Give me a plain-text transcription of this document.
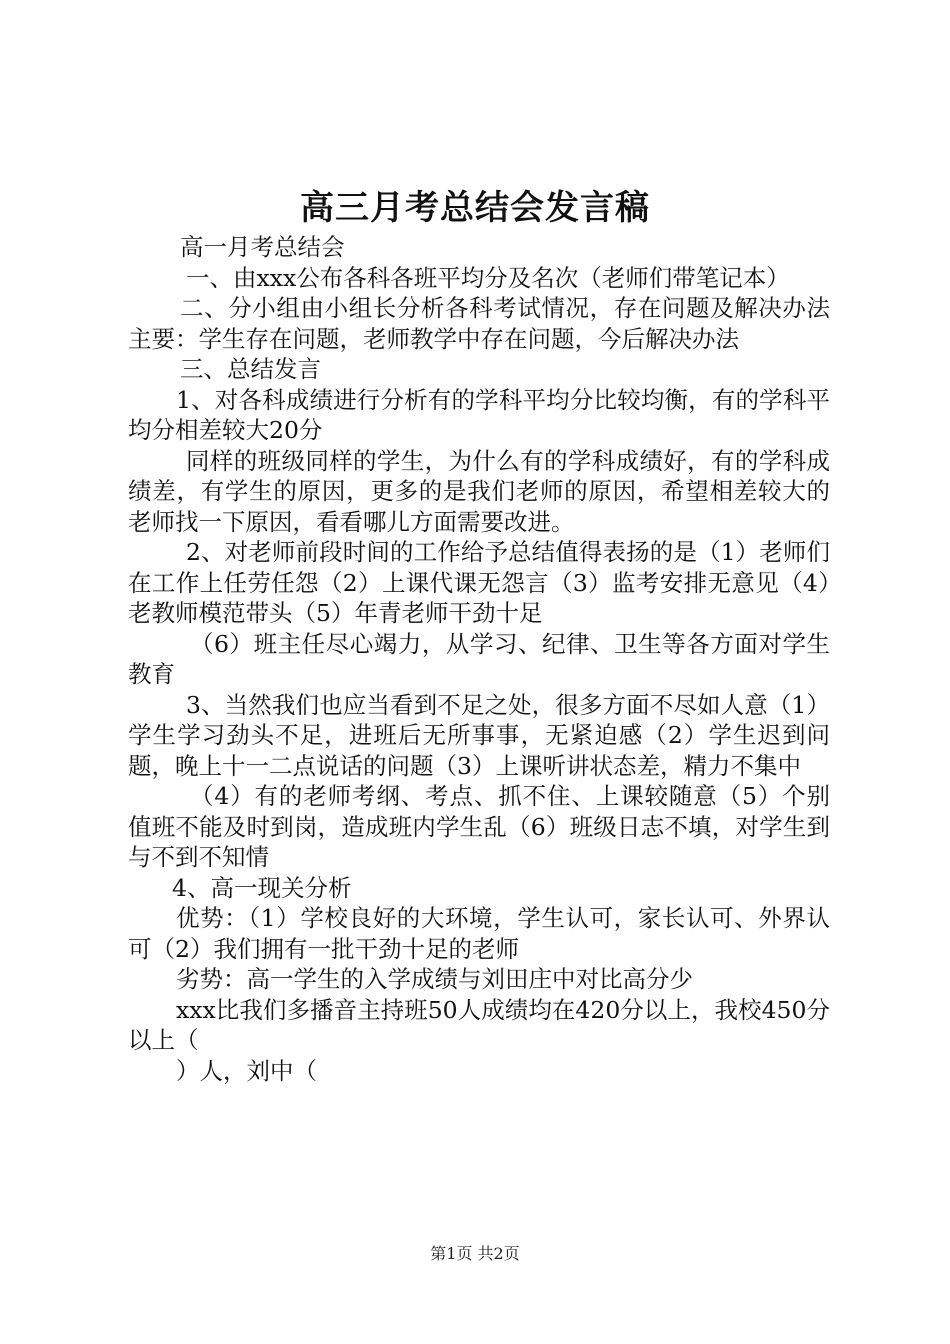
高三月考总结会发言稿

高一月考总结会

一、由xxx公布各科各班平均分及名次（老师们带笔记本）

二、分小组由小组长分析各科考试情况，存在问题及解决办法主要：学生存在问题，老师教学中存在问题，今后解决办法

三、总结发言

1、对各科成绩进行分析有的学科平均分比较均衡，有的学科平均分相差较大20分

同样的班级同样的学生，为什么有的学科成绩好，有的学科成绩差，有学生的原因，更多的是我们老师的原因，希望相差较大的老师找一下原因，看看哪儿方面需要改进。

2、对老师前段时间的工作给予总结值得表扬的是（1）老师们在工作上任劳任怨（2）上课代课无怨言（3）监考安排无意见（4）老教师模范带头（5）年青老师干劲十足

（6）班主任尽心竭力，从学习、纪律、卫生等各方面对学生教育

3、当然我们也应当看到不足之处，很多方面不尽如人意（1）学生学习劲头不足，进班后无所事事，无紧迫感（2）学生迟到问题，晚上十一二点说话的问题（3）上课听讲状态差，精力不集中

（4）有的老师考纲、考点、抓不住、上课较随意（5）个别值班不能及时到岗，造成班内学生乱（6）班级日志不填，对学生到与不到不知情

4、高一现关分析

优势：（1）学校良好的大环境，学生认可，家长认可、外界认可（2）我们拥有一批干劲十足的老师

劣势：高一学生的入学成绩与刘田庄中对比高分少

xxx比我们多播音主持班50人成绩均在420分以上，我校450分以上（

）人，刘中（

第1页 共2页
